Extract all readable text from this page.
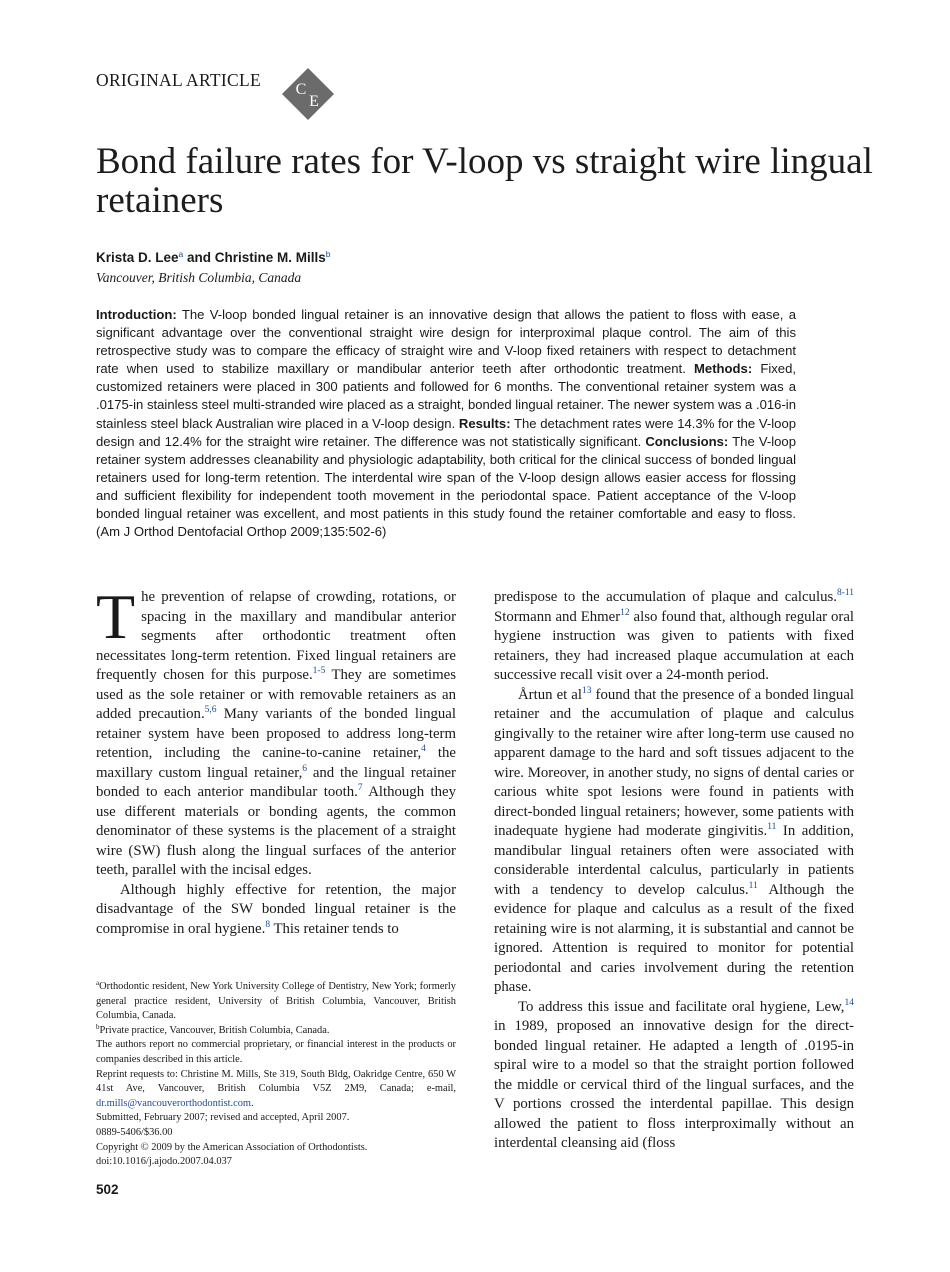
ORIGINAL ARTICLE C
E
Bond failure rates for V-loop vs straight wire lingual retainers
Krista D. Lee$^a$ and Christine M. Mills$^b$
Vancouver, British Columbia, Canada

Introduction: The V-loop bonded lingual retainer is an innovative design that allows the patient to floss with ease, a significant advantage over the conventional straight wire design for interproximal plaque control. The aim of this retrospective study was to compare the efficacy of straight wire and V-loop fixed retainers with respect to detachment rate when used to stabilize maxillary or mandibular anterior teeth after orthodontic treatment. Methods: Fixed, customized retainers were placed in 300 patients and followed for 6 months. The conventional retainer system was a .0175-in stainless steel multi-stranded wire placed as a straight, bonded lingual retainer. The newer system was a .016-in stainless steel black Australian wire placed in a V-loop design. Results: The detachment rates were 14.3% for the V-loop design and 12.4% for the straight wire retainer. The difference was not statistically significant. Conclusions: The V-loop retainer system addresses cleanability and physiologic adaptability, both critical for the clinical success of bonded lingual retainers used for long-term retention. The interdental wire span of the V-loop design allows easier access for flossing and sufficient flexibility for independent tooth movement in the periodontal space. Patient acceptance of the V-loop bonded lingual retainer was excellent, and most patients in this study found the retainer comfortable and easy to floss. (Am J Orthod Dentofacial Orthop 2009;135:502-6)

The prevention of relapse of crowding, rotations, or spacing in the maxillary and mandibular anterior segments after orthodontic treatment often necessitates long-term retention. Fixed lingual retainers are frequently chosen for this purpose.$^{1-5}$ They are sometimes used as the sole retainer or with removable retainers as an added precaution.$^{5,6}$ Many variants of the bonded lingual retainer system have been proposed to address long-term retention, including the canine-to-canine retainer,$^4$ the maxillary custom lingual retainer,$^6$ and the lingual retainer bonded to each anterior mandibular tooth.$^7$ Although they use different materials or bonding agents, the common denominator of these systems is the placement of a straight wire (SW) flush along the lingual surfaces of the anterior teeth, parallel with the incisal edges.

Although highly effective for retention, the major disadvantage of the SW bonded lingual retainer is the compromise in oral hygiene.$^8$ This retainer tends to

predispose to the accumulation of plaque and calculus.$^{8-11}$ Stormann and Ehmer$^{12}$ also found that, although regular oral hygiene instruction was given to patients with fixed retainers, they had increased plaque accumulation at each successive recall visit over a 24-month period.

Årtun et $al^{13}$ found that the presence of a bonded lingual retainer and the accumulation of plaque and calculus gingivally to the retainer wire after long-term use caused no apparent damage to the hard and soft tissues adjacent to the wire. Moreover, in another study, no signs of dental caries or carious white spot lesions were found in patients with direct-bonded lingual retainers; however, some patients with inadequate hygiene had moderate gingivitis.$^{11}$ In addition, mandibular lingual retainers often were associated with considerable interdental calculus, particularly in patients with a tendency to develop calculus.$^{11}$ Although the evidence for plaque and calculus as a result of the fixed retaining wire is not alarming, it is substantial and cannot be ignored. Attention is required to monitor for potential periodontal and caries involvement during the retention phase.

To address this issue and facilitate oral hygiene, Lew,$^{14}$ in 1989, proposed an innovative design for the direct-bonded lingual retainer. He adapted a length of .0195-in spiral wire to a model so that the straight portion followed the middle or cervical third of the lingual surfaces, and the V portions crossed the interdental papillae. This design allowed the patient to floss interproximally without an interdental cleansing aid (floss

$^a$Orthodontic resident, New York University College of Dentistry, New York; formerly general practice resident, University of British Columbia, Vancouver, British Columbia, Canada.
$^b$Private practice, Vancouver, British Columbia, Canada.
The authors report no commercial proprietary, or financial interest in the products or companies described in this article.
Reprint requests to: Christine M. Mills, Ste 319, South Bldg, Oakridge Centre, 650 W 41st Ave, Vancouver, British Columbia V5Z 2M9, Canada; e-mail, dr.mills@vancouverorthodontist.com.
Submitted, February 2007; revised and accepted, April 2007.
0889-5406/$36.00
Copyright © 2009 by the American Association of Orthodontists.
doi:10.1016/j.ajodo.2007.04.037
502
